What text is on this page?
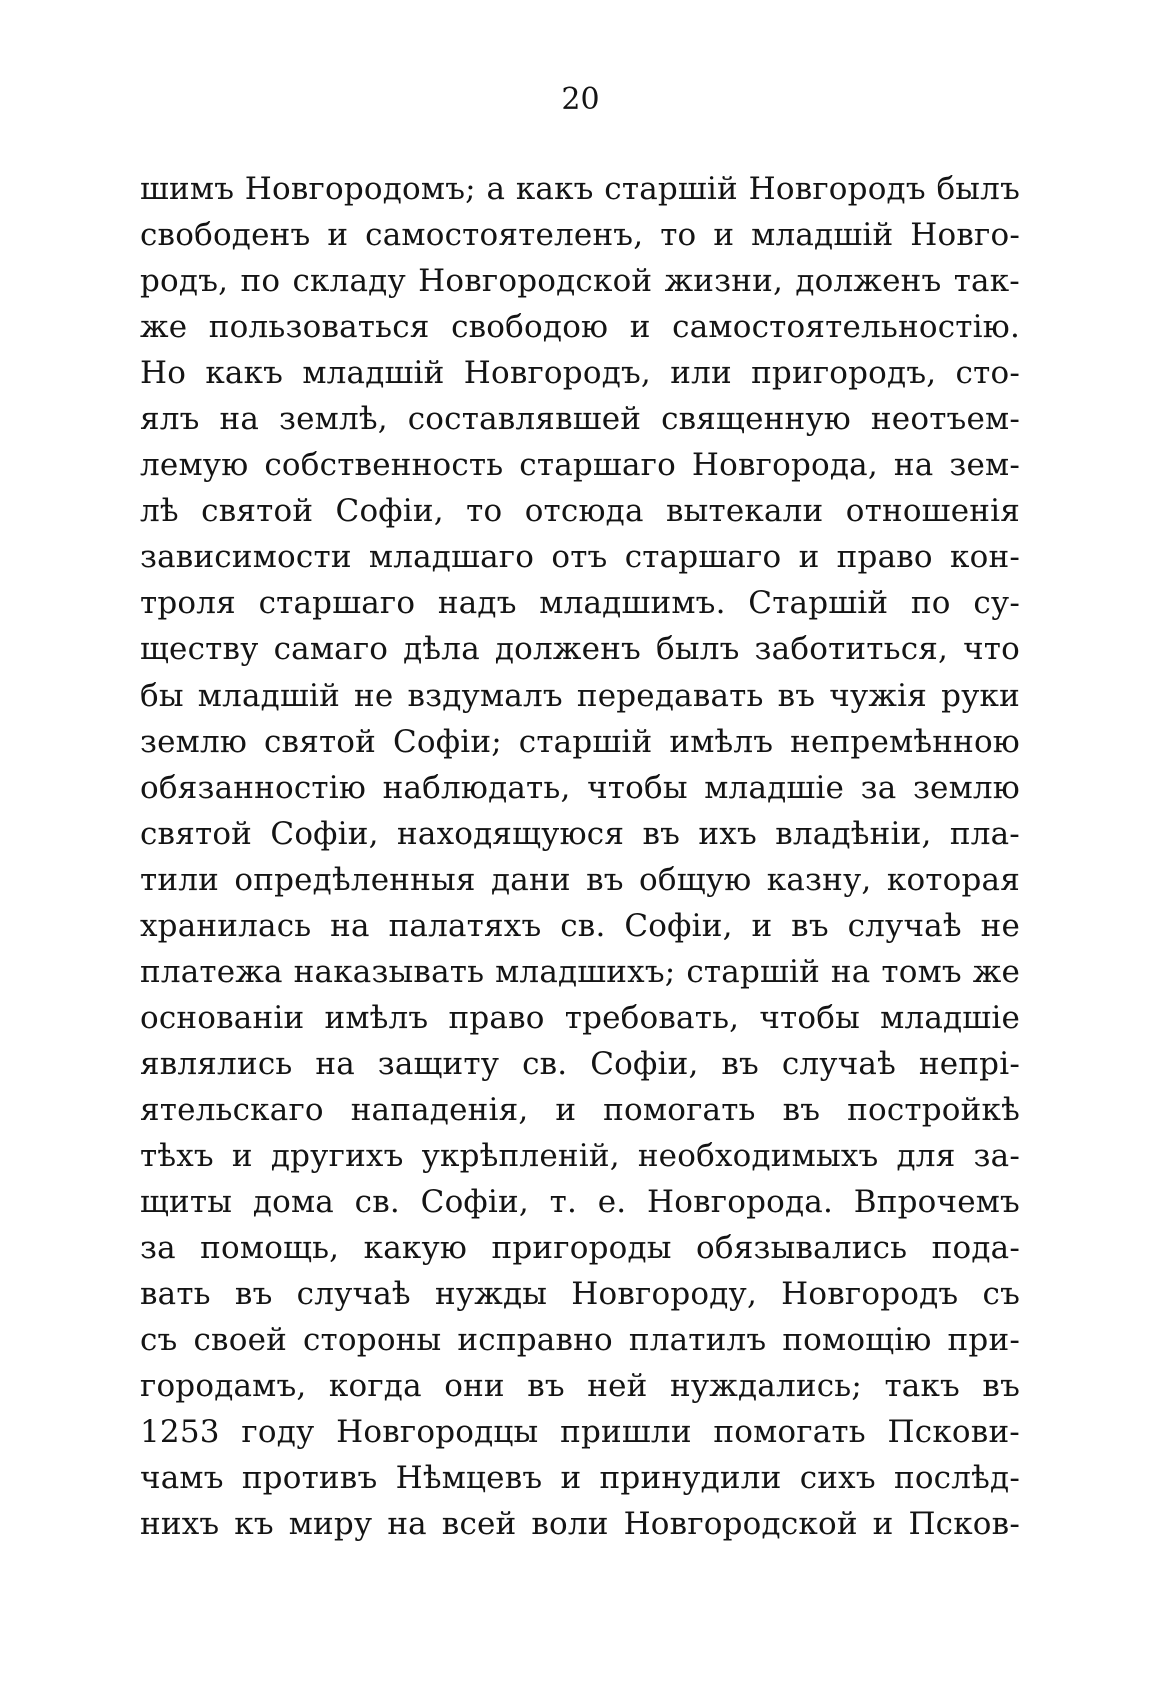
20
шимъ Новгородомъ; а какъ старшій Новгородъ былъ
свободенъ и самостоятеленъ, то и младшій Новго-
родъ, по складу Новгородской жизни, долженъ так-
же пользоваться свободою и самостоятельностію.
Но какъ младшій Новгородъ, или пригородъ, сто-
ялъ на землѣ, составлявшей священную неотъем-
лемую собственность старшаго Новгорода, на зем-
лѣ святой Софіи, то отсюда вытекали отношенія
зависимости младшаго отъ старшаго и право кон-
троля старшаго надъ младшимъ. Старшій по су-
ществу самаго дѣла долженъ былъ заботиться, что
бы младшій не вздумалъ передавать въ чужія руки
землю святой Софіи; старшій имѣлъ непремѣнною
обязанностію наблюдать, чтобы младшіе за землю
святой Софіи, находящуюся въ ихъ владѣніи, пла-
тили опредѣленныя дани въ общую казну, которая
хранилась на палатяхъ св. Софіи, и въ случаѣ не
платежа наказывать младшихъ; старшій на томъ же
основаніи имѣлъ право требовать, чтобы младшіе
являлись на защиту св. Софіи, въ случаѣ непрі-
ятельскаго нападенія, и помогать въ постройкѣ
тѣхъ и другихъ укрѣпленій, необходимыхъ для за-
щиты дома св. Софіи, т. е. Новгорода. Впрочемъ
за помощь, какую пригороды обязывались пода-
вать въ случаѣ нужды Новгороду, Новгородъ съ
съ своей стороны исправно платилъ помощію при-
городамъ, когда они въ ней нуждались; такъ въ
1253 году Новгородцы пришли помогать Пскови-
чамъ противъ Нѣмцевъ и принудили сихъ послѣд-
нихъ къ миру на всей воли Новгородской и Псков-
